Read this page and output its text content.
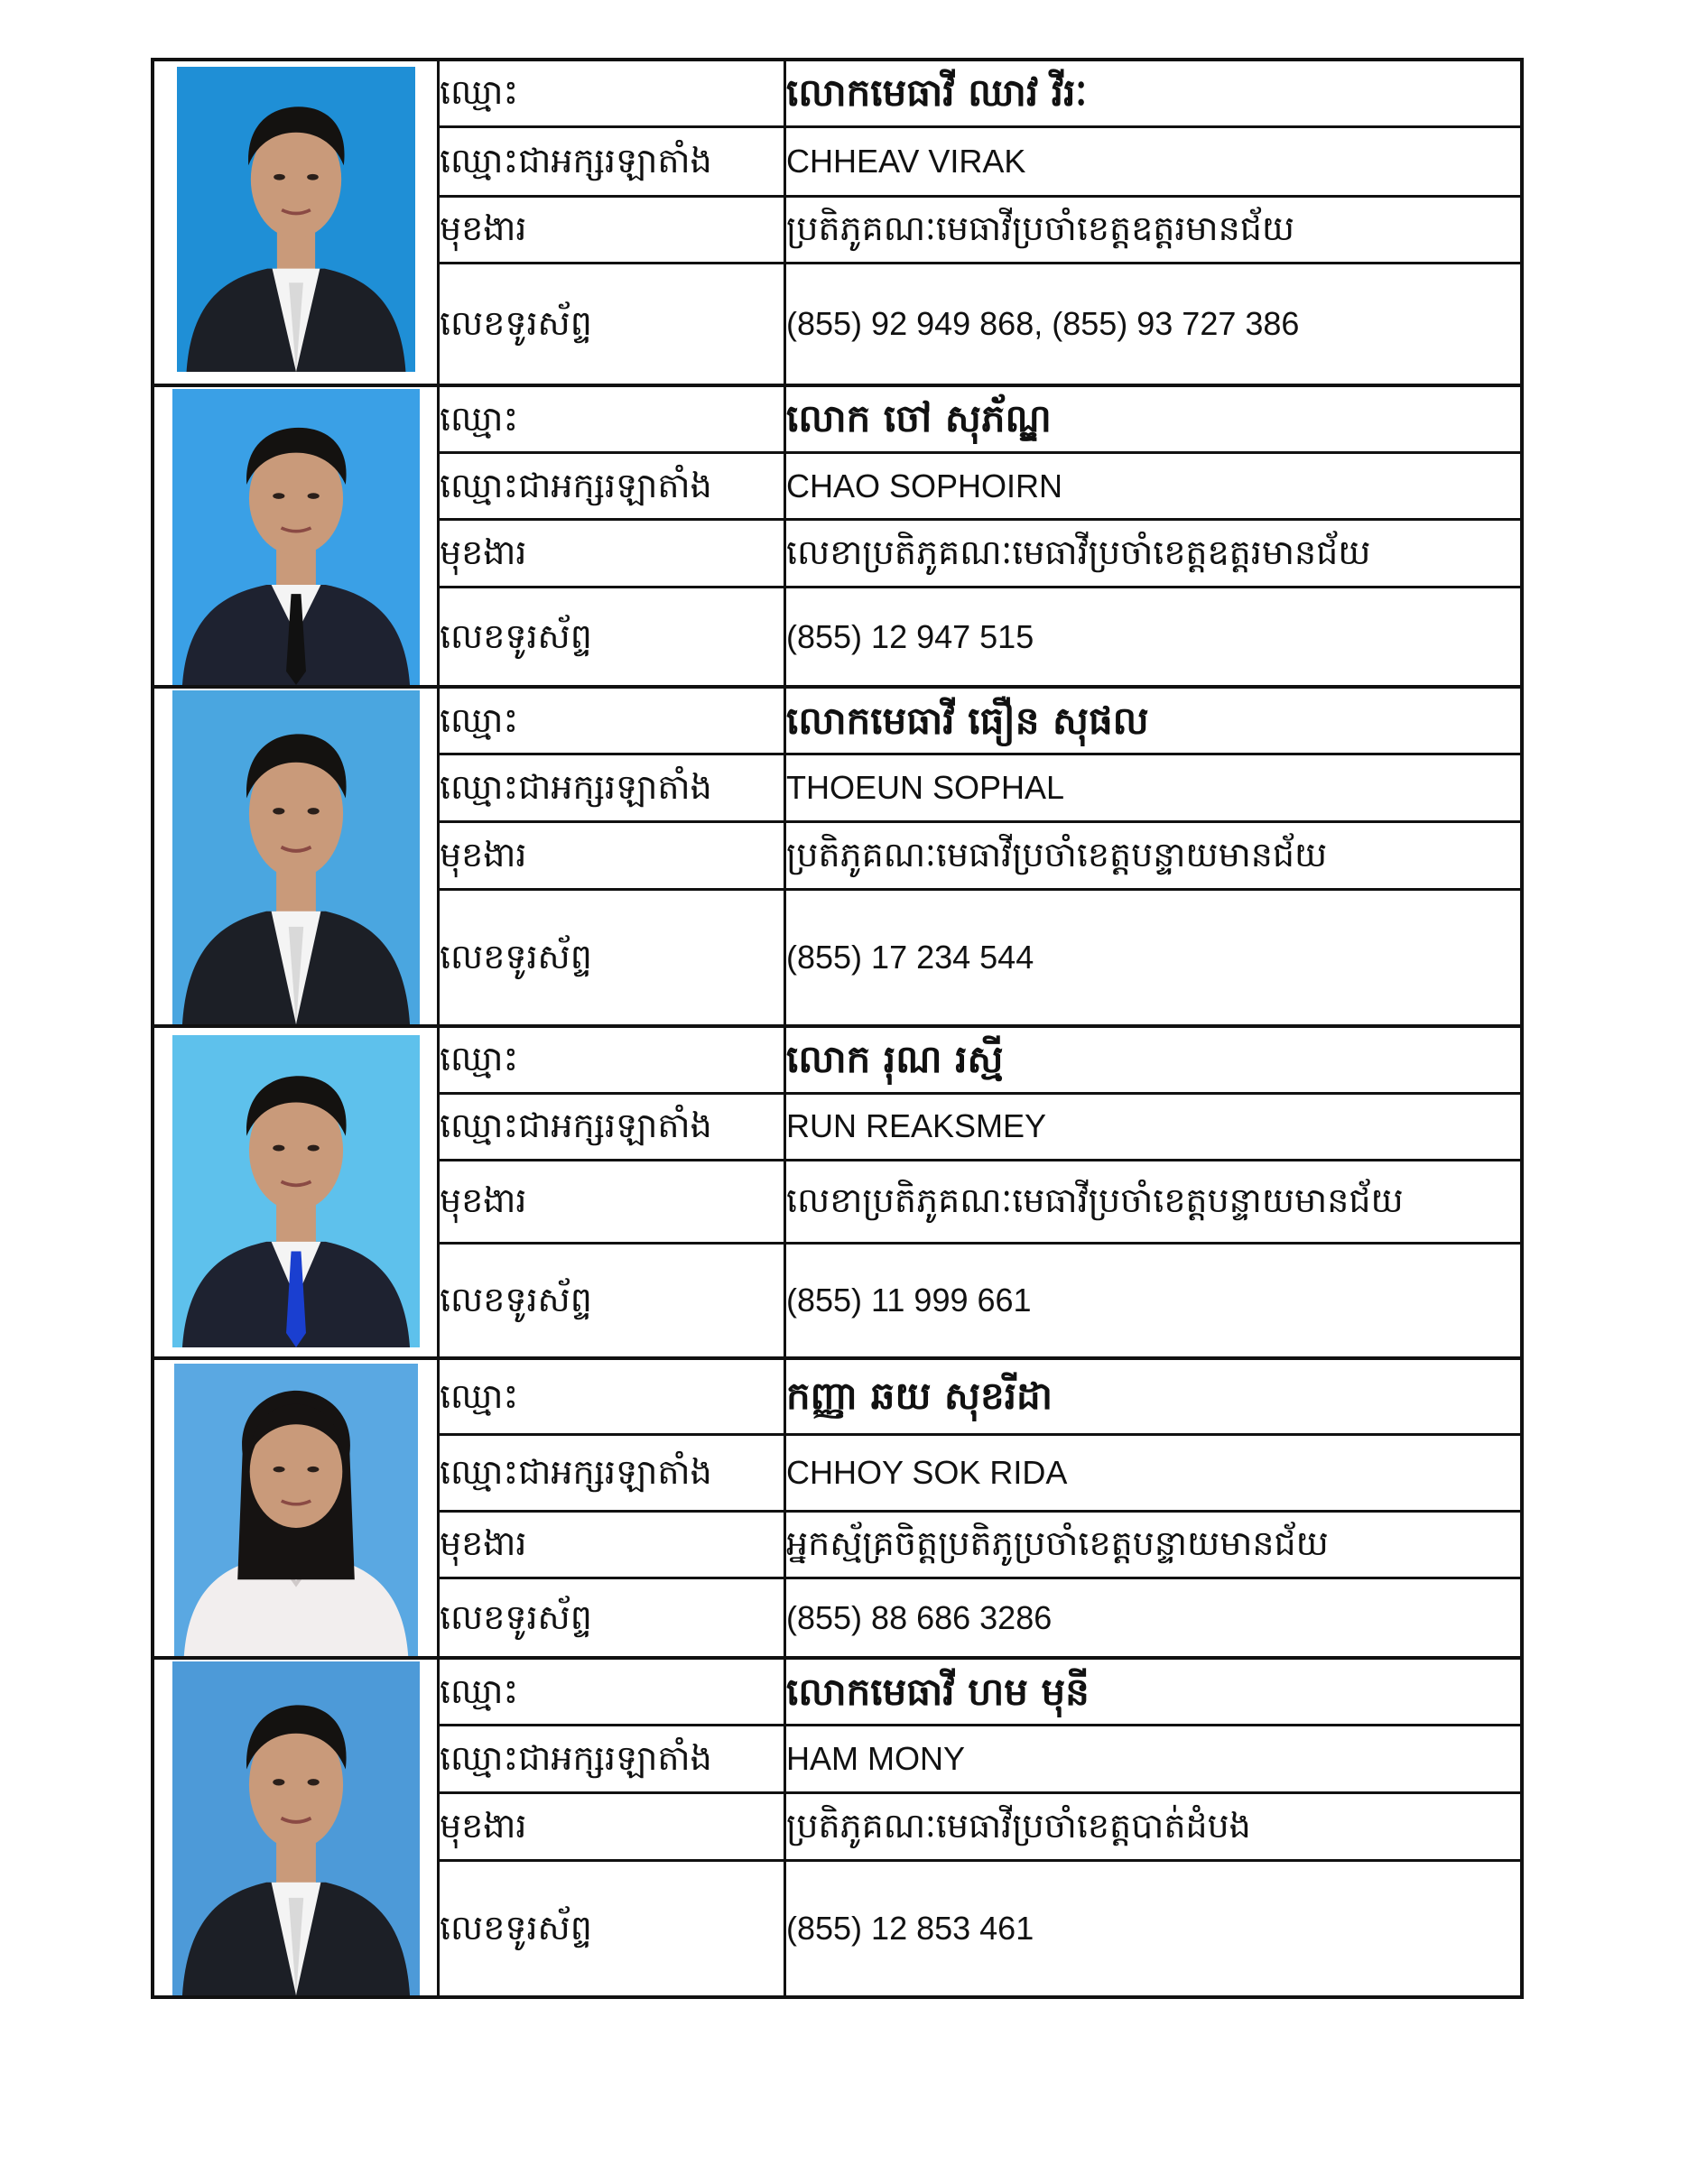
	ឈ្មោះ	លោកមេធាវី ឈាវ វីរៈ
	ឈ្មោះជាអក្សរឡាតាំង	CHHEAV VIRAK
	មុខងារ	ប្រតិភូគណៈមេធាវីប្រចាំខេត្តឧត្តរមានជ័យ
	លេខទូរស័ព្ទ	(855) 92 949 868, (855) 93 727 386

	ឈ្មោះ	លោក ចៅ សុភ័ណ្ឌ
	ឈ្មោះជាអក្សរឡាតាំង	CHAO SOPHOIRN
	មុខងារ	លេខាប្រតិភូគណៈមេធាវីប្រចាំខេត្តឧត្តរមានជ័យ
	លេខទូរស័ព្ទ	(855) 12 947 515

	ឈ្មោះ	លោកមេធាវី ធឿន សុផល
	ឈ្មោះជាអក្សរឡាតាំង	THOEUN SOPHAL
	មុខងារ	ប្រតិភូគណៈមេធាវីប្រចាំខេត្តបន្ទាយមានជ័យ
	លេខទូរស័ព្ទ	(855) 17 234 544

	ឈ្មោះ	លោក រុណ រស្មី
	ឈ្មោះជាអក្សរឡាតាំង	RUN REAKSMEY
	មុខងារ	លេខាប្រតិភូគណៈមេធាវីប្រចាំខេត្តបន្ទាយមានជ័យ
	លេខទូរស័ព្ទ	(855) 11 999 661

	ឈ្មោះ	កញ្ញា ឆយ សុខរីដា
	ឈ្មោះជាអក្សរឡាតាំង	CHHOY SOK RIDA
	មុខងារ	អ្នកស្ម័គ្រចិត្តប្រតិភូប្រចាំខេត្តបន្ទាយមានជ័យ
	លេខទូរស័ព្ទ	(855) 88 686 3286

	ឈ្មោះ	លោកមេធាវី ហម មុនី
	ឈ្មោះជាអក្សរឡាតាំង	HAM MONY
	មុខងារ	ប្រតិភូគណៈមេធាវីប្រចាំខេត្តបាត់ដំបង
	លេខទូរស័ព្ទ	(855) 12 853 461
